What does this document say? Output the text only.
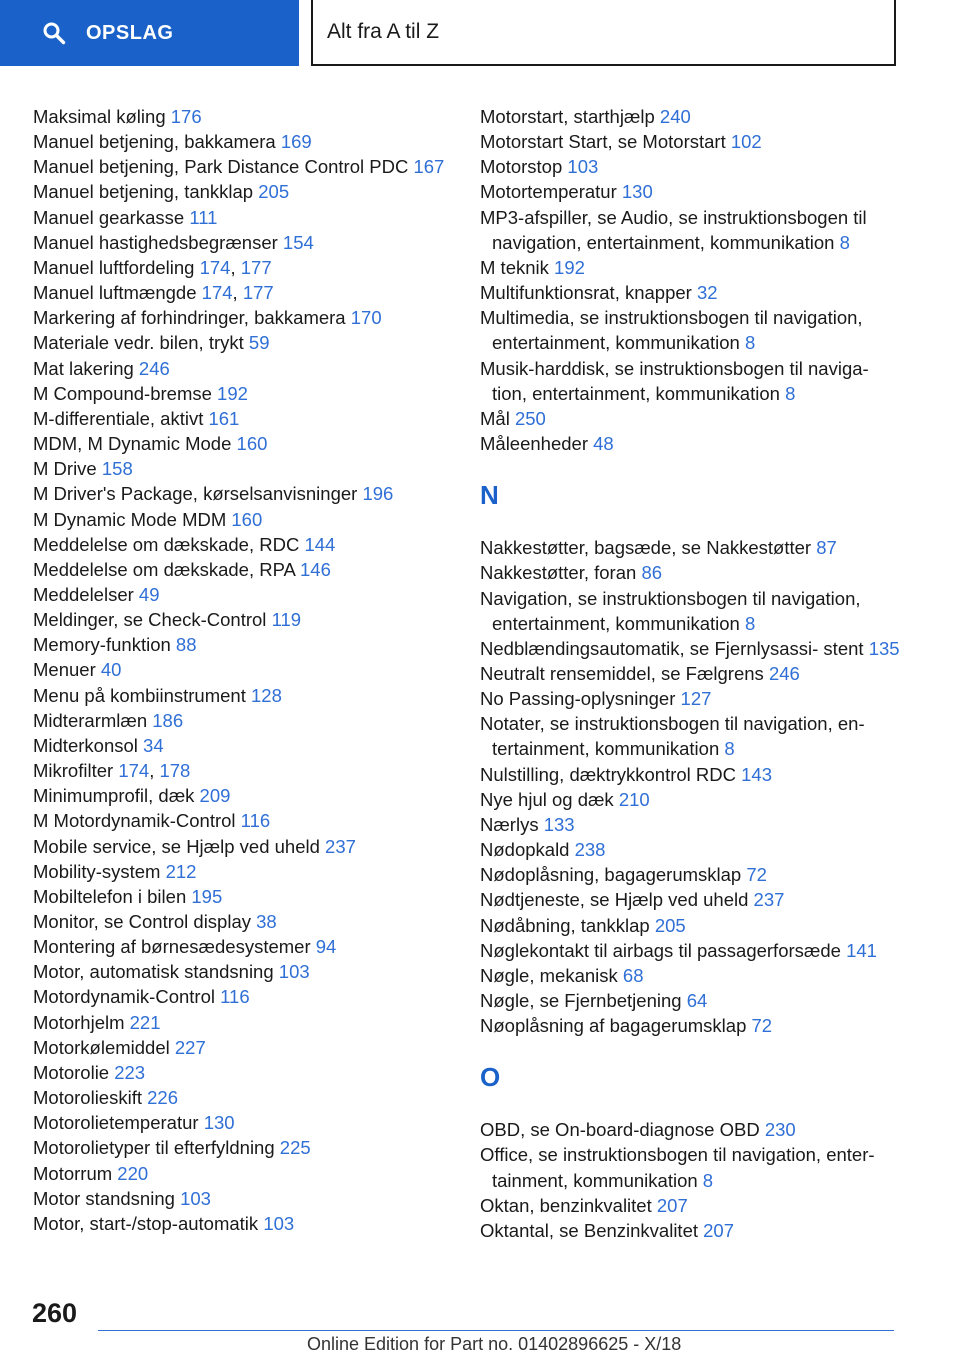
OPSLAG	Alt fra A til Z
Maksimal køling 176
Manuel betjening, bakkamera 169
Manuel betjening, Park Distance Control PDC 167
Manuel betjening, tankklap 205
Manuel gearkasse 111
Manuel hastighedsbegrænser 154
Manuel luftfordeling 174, 177
Manuel luftmængde 174, 177
Markering af forhindringer, bakkamera 170
Materiale vedr. bilen, trykt 59
Mat lakering 246
M Compound-bremse 192
M-differentiale, aktivt 161
MDM, M Dynamic Mode 160
M Drive 158
M Driver's Package, kørselsanvisninger 196
M Dynamic Mode MDM 160
Meddelelse om dækskade, RDC 144
Meddelelse om dækskade, RPA 146
Meddelelser 49
Meldinger, se Check-Control 119
Memory-funktion 88
Menuer 40
Menu på kombiinstrument 128
Midterarmlæn 186
Midterkonsol 34
Mikrofilter 174, 178
Minimumprofil, dæk 209
M Motordynamik-Control 116
Mobile service, se Hjælp ved uheld 237
Mobility-system 212
Mobiltelefon i bilen 195
Monitor, se Control display 38
Montering af børnesædesystemer 94
Motor, automatisk standsning 103
Motordynamik-Control 116
Motorhjelm 221
Motorkølemiddel 227
Motorolie 223
Motorolieskift 226
Motorolietemperatur 130
Motorolietyper til efterfyldning 225
Motorrum 220
Motor standsning 103
Motor, start-/stop-automatik 103
Motorstart, starthjælp 240
Motorstart Start, se Motorstart 102
Motorstop 103
Motortemperatur 130
MP3-afspiller, se Audio, se instruktionsbogen til navigation, entertainment, kommunikation 8
M teknik 192
Multifunktionsrat, knapper 32
Multimedia, se instruktionsbogen til navigation, entertainment, kommunikation 8
Musik-harddisk, se instruktionsbogen til naviga‐ tion, entertainment, kommunikation 8
Mål 250
Måleenheder 48
N
Nakkestøtter, bagsæde, se Nakkestøtter 87
Nakkestøtter, foran 86
Navigation, se instruktionsbogen til navigation, entertainment, kommunikation 8
Nedblændingsautomatik, se Fjernlysassi‐ stent 135
Neutralt rensemiddel, se Fælgrens 246
No Passing-oplysninger 127
Notater, se instruktionsbogen til navigation, en‐ tertainment, kommunikation 8
Nulstilling, dæktrykkontrol RDC 143
Nye hjul og dæk 210
Nærlys 133
Nødopkald 238
Nødoplåsning, bagagerumsklap 72
Nødtjeneste, se Hjælp ved uheld 237
Nødåbning, tankklap 205
Nøglekontakt til airbags til passagerforsæde 141
Nøgle, mekanisk 68
Nøgle, se Fjernbetjening 64
Nøoplåsning af bagagerumsklap 72
O
OBD, se On-board-diagnose OBD 230
Office, se instruktionsbogen til navigation, enter‐ tainment, kommunikation 8
Oktan, benzinkvalitet 207
Oktantal, se Benzinkvalitet 207
260
Online Edition for Part no. 01402896625 - X/18
